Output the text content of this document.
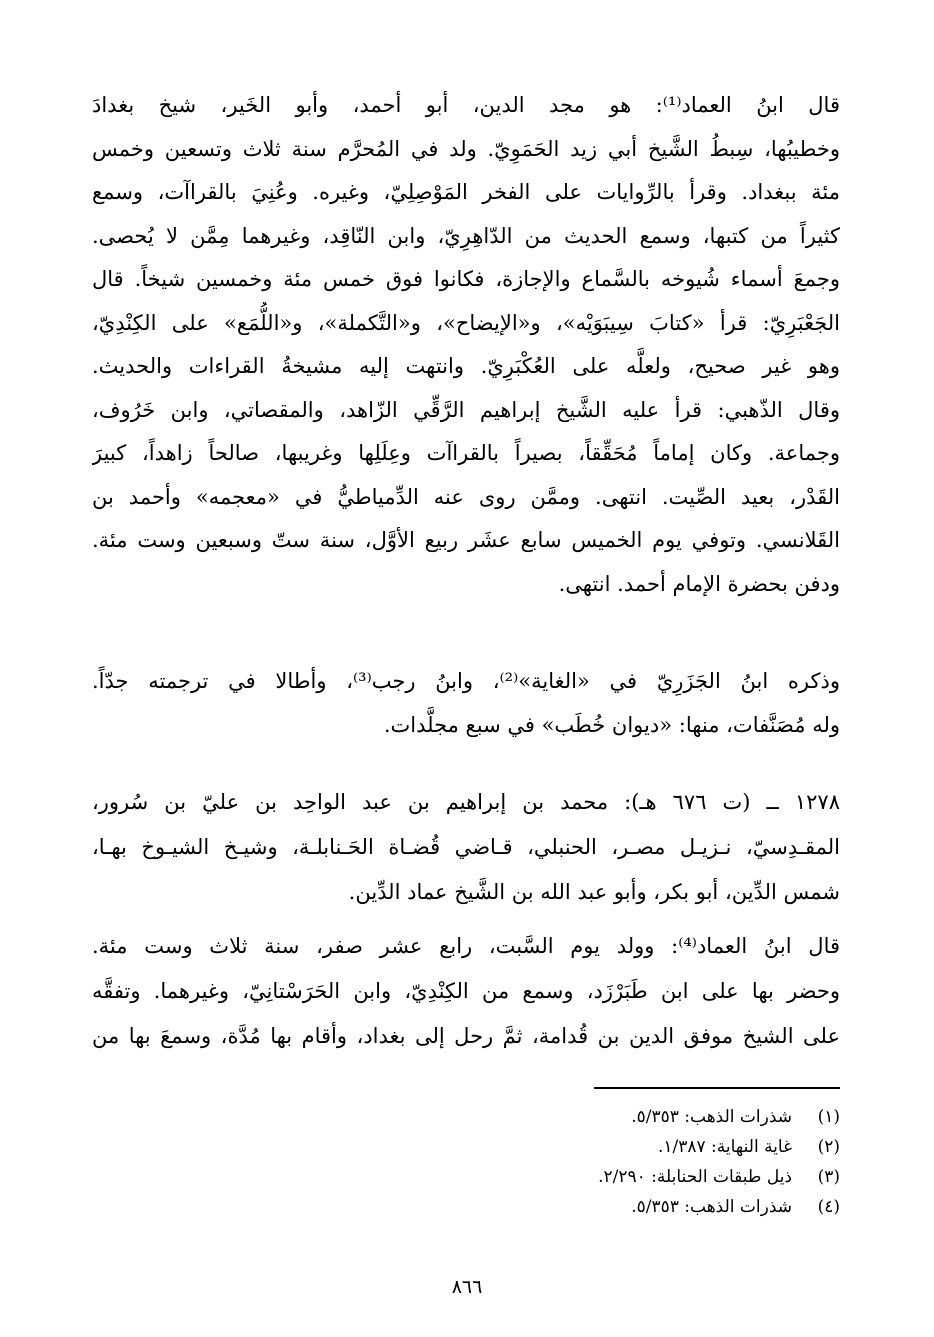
قال ابنُ العماد⁽¹⁾: هو مجد الدين، أبو أحمد، وأبو الخَير، شيخ بغدادَ
وخطيبُها، سِبطُ الشَّيخ أبي زيد الحَمَوِيّ. ولد في المُحرَّم سنة ثلاث وتسعين وخمس
مئة ببغداد. وقرأ بالرِّوايات على الفخر المَوْصِلِيّ، وغيره. وعُنِيَ بالقراآت، وسمع
كثيراً من كتبها، وسمع الحديث من الدّاهِرِيّ، وابن النّاقِد، وغيرهما مِمَّن لا يُحصى.
وجمعَ أسماء شُيوخه بالسَّماع والإجازة، فكانوا فوق خمس مئة وخمسين شيخاً. قال
الجَعْبَرِيّ: قرأ «كتابَ سِيبَوَيْه»، و«الإيضاح»، و«التَّكملة»، و«اللُّمَع» على الكِنْدِيّ،
وهو غير صحيح، ولعلَّه على العُكْبَرِيّ. وانتهت إليه مشيخةُ القراءات والحديث.
وقال الذّهبي: قرأ عليه الشَّيخ إبراهيم الرَّقِّي الزّاهد، والمقصاتي، وابن خَرُوف،
وجماعة. وكان إماماً مُحَقِّقاً، بصيراً بالقراآت وعِلَلِها وغريبها، صالحاً زاهداً، كبيرَ
القَدْر، بعيد الصِّيت. انتهى. وممَّن روى عنه الدِّمياطيُّ في «معجمه» وأحمد بن
القَلانسي. وتوفي يوم الخميس سابع عشَر ربيع الأوَّل، سنة ستّ وسبعين وست مئة.
ودفن بحضرة الإمام أحمد. انتهى.
وذكره ابنُ الجَزَرِيّ في «الغاية»⁽²⁾، وابنُ رجب⁽³⁾، وأطالا في ترجمته جدّاً.
وله مُصَنَّفات، منها: «ديوان خُطَب» في سبع مجلَّدات.
١٢٧٨ ــ (ت ٦٧٦ هـ): محمد بن إبراهيم بن عبد الواحِد بن عليّ بن سُرور،
المقـدِسيّ، نـزيـل مصـر، الحنبلي، قـاضي قُضـاة الحَـنابلـة، وشيـخ الشيـوخ بهـا،
شمس الدِّين، أبو بكر، وأبو عبد الله بن الشَّيخ عماد الدِّين.
قال ابنُ العماد⁽⁴⁾: وولد يوم السَّبت، رابع عشر صفر، سنة ثلاث وست مئة.
وحضر بها على ابن طَبَرْزَد، وسمع من الكِنْدِيّ، وابن الحَرَسْتانِيّ، وغيرهما. وتفقَّه
على الشيخ موفق الدين بن قُدامة، ثمَّ رحل إلى بغداد، وأقام بها مُدَّة، وسمعَ بها من
(١)شذرات الذهب: ٥/٣٥٣.
(٢)غاية النهاية: ١/٣٨٧.
(٣)ذيل طبقات الحنابلة: ٢/٢٩٠.
(٤)شذرات الذهب: ٥/٣٥٣.
٨٦٦
